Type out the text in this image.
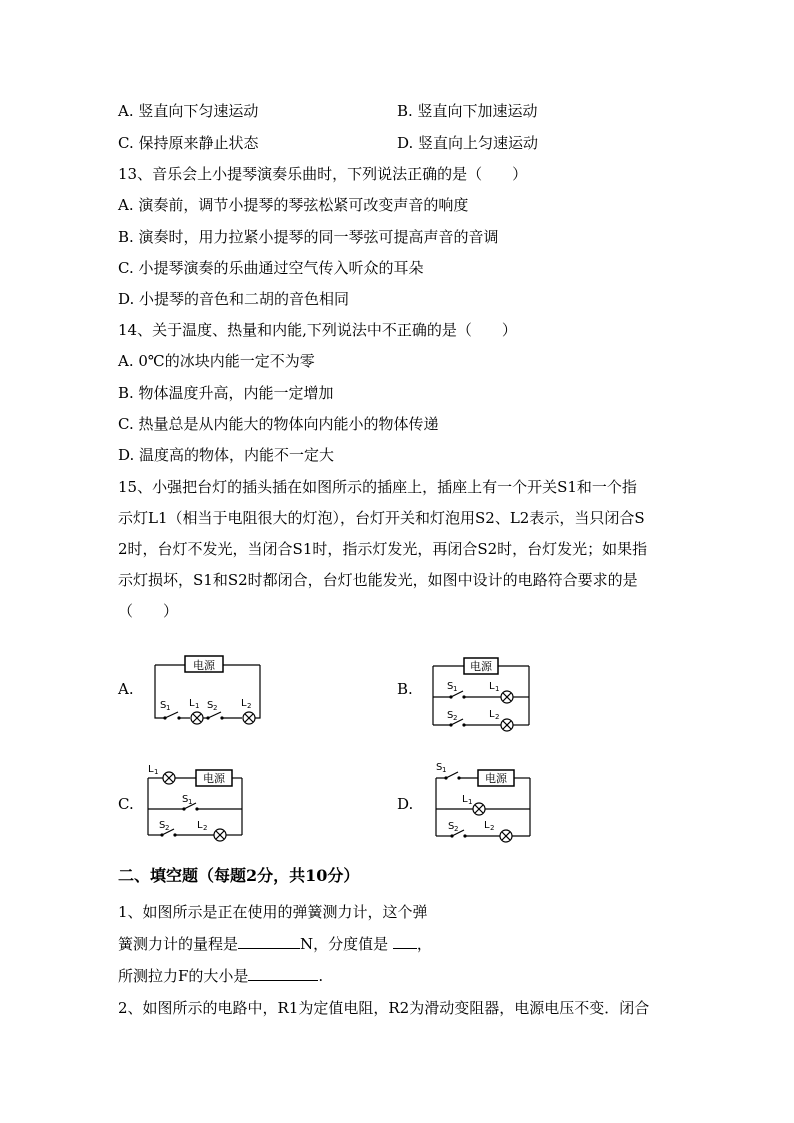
A. 竖直向下匀速运动	B. 竖直向下加速运动
C. 保持原来静止状态	D. 竖直向上匀速运动
13、音乐会上小提琴演奏乐曲时，下列说法正确的是（　　）
A. 演奏前，调节小提琴的琴弦松紧可改变声音的响度
B. 演奏时，用力拉紧小提琴的同一琴弦可提高声音的音调
C. 小提琴演奏的乐曲通过空气传入听众的耳朵
D. 小提琴的音色和二胡的音色相同
14、关于温度、热量和内能,下列说法中不正确的是（　　）
A. 0℃的冰块内能一定不为零
B. 物体温度升高，内能一定增加
C. 热量总是从内能大的物体向内能小的物体传递
D. 温度高的物体，内能不一定大
15、小强把台灯的插头插在如图所示的插座上，插座上有一个开关S1和一个指
示灯L1（相当于电阻很大的灯泡），台灯开关和灯泡用S2、L2表示，当只闭合S
2时，台灯不发光，当闭合S1时，指示灯发光，再闭合S2时，台灯发光；如果指
示灯损坏，S1和S2时都闭合，台灯也能发光，如图中设计的电路符合要求的是
（　　）
A.	B.
C.	D.
电源
S 1 L 1 S 2 L 2
电源
S 1	L 1
S 2	L 2
电源
L 1
S 1
S 2	L 2
电源
S 1
L 1
S 2	L 2
二、填空题（每题2分，共10分）
1、如图所示是正在使用的弹簧测力计，这个弹
簧测力计的量程是	N，分度值是 ，
所测拉力F的大小是	.
2、如图所示的电路中，R1为定值电阻，R2为滑动变阻器，电源电压不变．闭合
